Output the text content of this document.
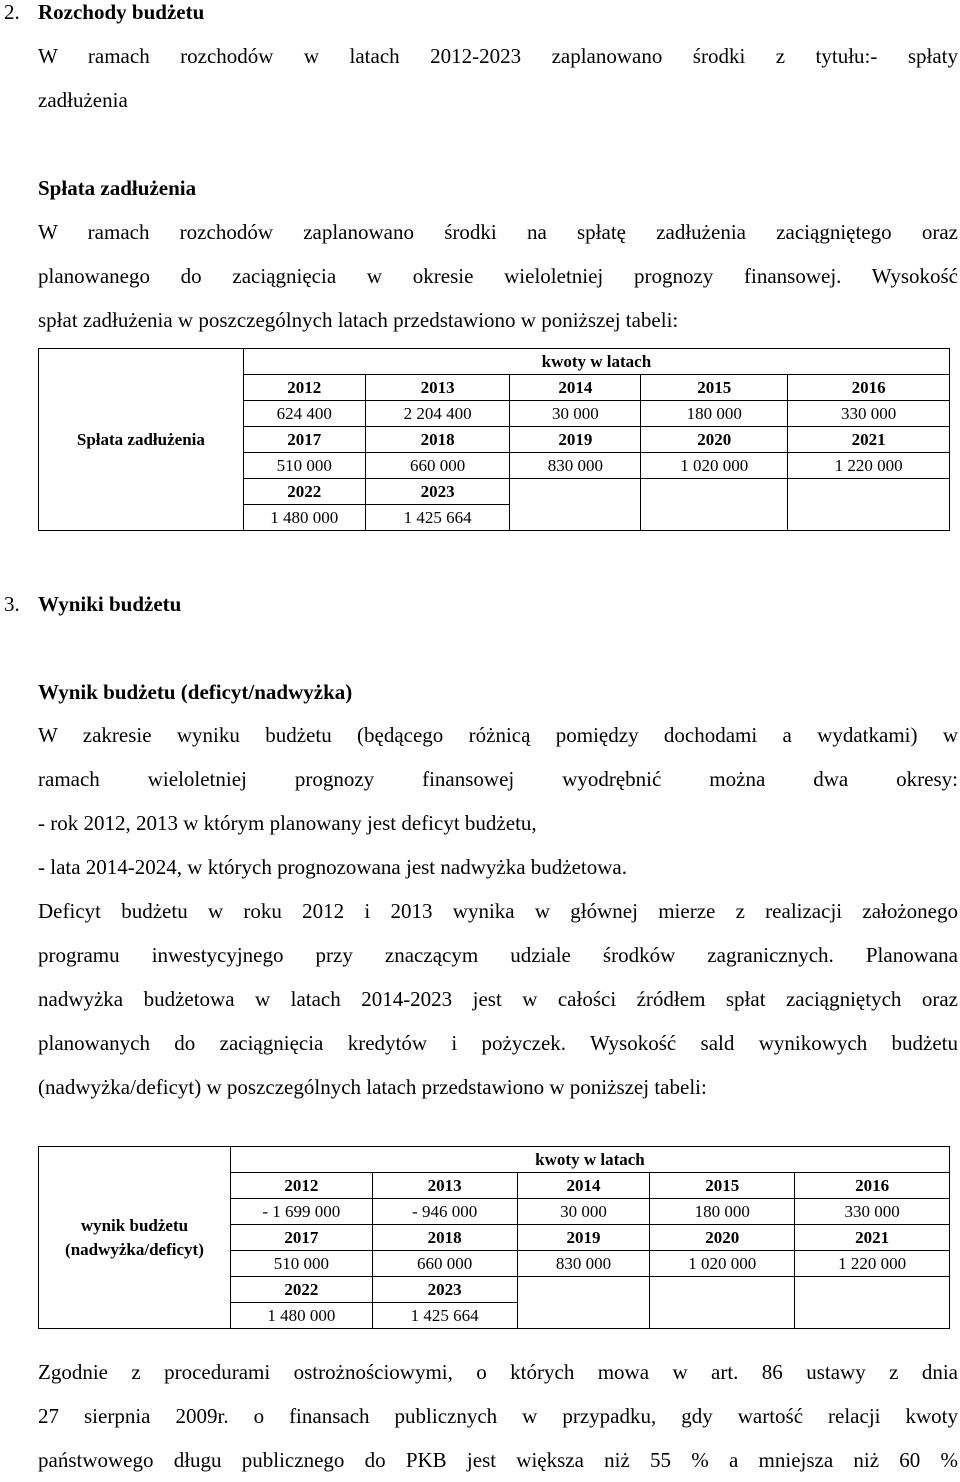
2. Rozchody budżetu
W ramach rozchodów w latach 2012-2023 zaplanowano środki z tytułu:- spłaty
zadłużenia
Spłata zadłużenia
W ramach rozchodów zaplanowano środki na spłatę zadłużenia zaciągniętego oraz
planowanego do zaciągnięcia w okresie wieloletniej prognozy finansowej. Wysokość
spłat zadłużenia w poszczególnych latach przedstawiono w poniższej tabeli:
Spłata zadłużenia	kwoty w latach				
	2012	2013	2014	2015	2016
	624 400	2 204 400	30 000	180 000	330 000
	2017	2018	2019	2020	2021
	510 000	660 000	830 000	1 020 000	1 220 000
	2022	2023			
	1 480 000	1 425 664			
3. Wyniki budżetu
Wynik budżetu (deficyt/nadwyżka)
W zakresie wyniku budżetu (będącego różnicą pomiędzy dochodami a wydatkami) w
ramach wieloletniej prognozy finansowej wyodrębnić można dwa okresy:
- rok 2012, 2013 w którym planowany jest deficyt budżetu,
- lata 2014-2024, w których prognozowana jest nadwyżka budżetowa.
Deficyt budżetu w roku 2012 i 2013 wynika w głównej mierze z realizacji założonego
programu inwestycyjnego przy znaczącym udziale środków zagranicznych. Planowana
nadwyżka budżetowa w latach 2014-2023 jest w całości źródłem spłat zaciągniętych oraz
planowanych do zaciągnięcia kredytów i pożyczek. Wysokość sald wynikowych budżetu
(nadwyżka/deficyt) w poszczególnych latach przedstawiono w poniższej tabeli:
wynik budżetu
(nadwyżka/deficyt)	kwoty w latach				
	2012	2013	2014	2015	2016
	- 1 699 000	- 946 000	30 000	180 000	330 000
	2017	2018	2019	2020	2021
	510 000	660 000	830 000	1 020 000	1 220 000
	2022	2023			
	1 480 000	1 425 664			
Zgodnie z procedurami ostrożnościowymi, o których mowa w art. 86 ustawy z dnia
27 sierpnia 2009r. o finansach publicznych w przypadku, gdy wartość relacji kwoty
państwowego długu publicznego do PKB jest większa niż 55 % a mniejsza niż 60 %
